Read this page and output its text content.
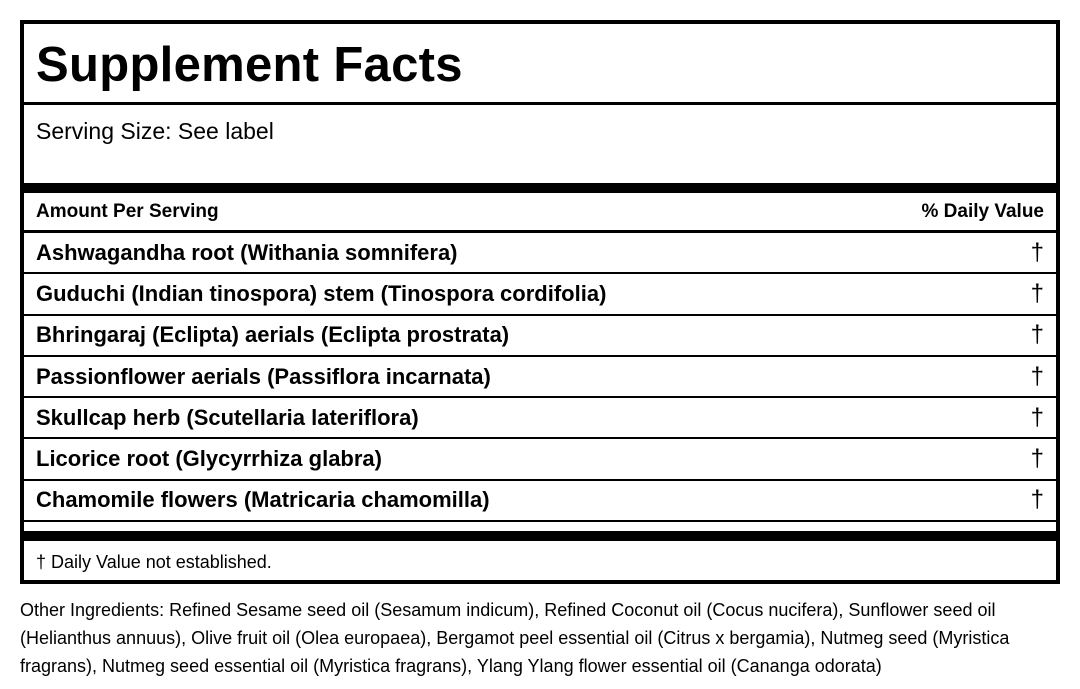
Supplement Facts
Serving Size: See label
Amount Per Serving	% Daily Value
Ashwagandha root (Withania somnifera)	†
Guduchi (Indian tinospora) stem (Tinospora cordifolia)	†
Bhringaraj (Eclipta) aerials (Eclipta prostrata)	†
Passionflower aerials (Passiflora incarnata)	†
Skullcap herb (Scutellaria lateriflora)	†
Licorice root (Glycyrrhiza glabra)	†
Chamomile flowers (Matricaria chamomilla)	†
† Daily Value not established.
Other Ingredients: Refined Sesame seed oil (Sesamum indicum), Refined Coconut oil (Cocus nucifera), Sunflower seed oil (Helianthus annuus), Olive fruit oil (Olea europaea), Bergamot peel essential oil (Citrus x bergamia), Nutmeg seed (Myristica fragrans), Nutmeg seed essential oil (Myristica fragrans), Ylang Ylang flower essential oil (Cananga odorata)
